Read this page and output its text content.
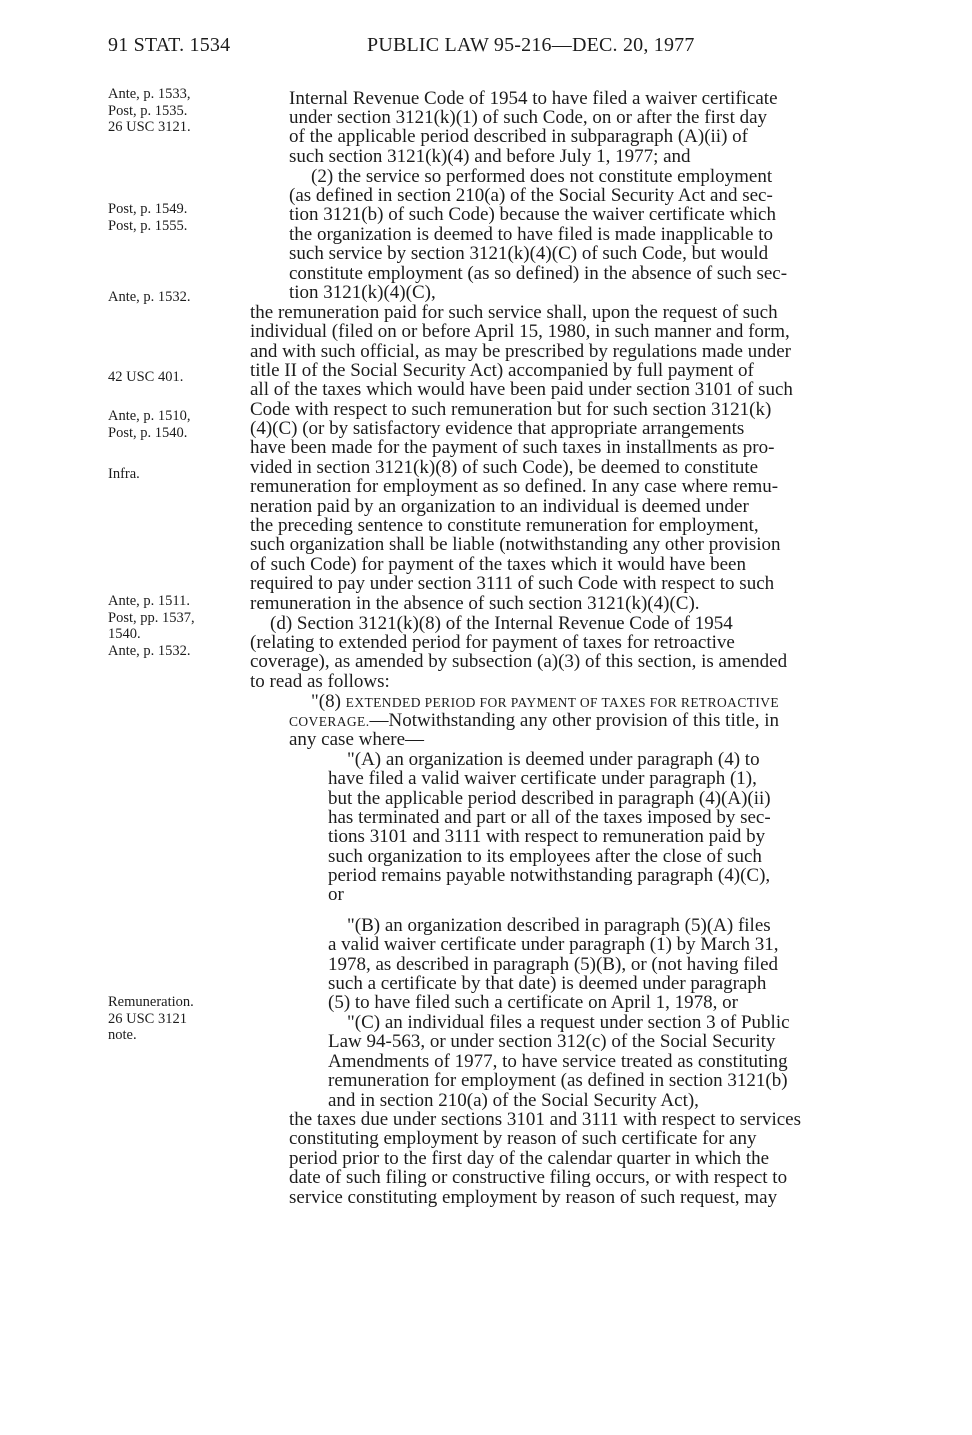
91 STAT. 1534	PUBLIC LAW 95-216—DEC. 20, 1977
Ante, p. 1533,
Post, p. 1535.
26 USC 3121.
Post, p. 1549.
Post, p. 1555.
Ante, p. 1532.
42 USC 401.
Ante, p. 1510,
Post, p. 1540.
Infra.
Ante, p. 1511.
Post, pp. 1537,
1540.
Ante, p. 1532.
Remuneration.
26 USC 3121
note.
Internal Revenue Code of 1954 to have filed a waiver certificate
under section 3121(k)(1) of such Code, on or after the first day
of the applicable period described in subparagraph (A)(ii) of
such section 3121(k)(4) and before July 1, 1977; and
(2) the service so performed does not constitute employment
(as defined in section 210(a) of the Social Security Act and sec-
tion 3121(b) of such Code) because the waiver certificate which
the organization is deemed to have filed is made inapplicable to
such service by section 3121(k)(4)(C) of such Code, but would
constitute employment (as so defined) in the absence of such sec-
tion 3121(k)(4)(C),
the remuneration paid for such service shall, upon the request of such
individual (filed on or before April 15, 1980, in such manner and form,
and with such official, as may be prescribed by regulations made under
title II of the Social Security Act) accompanied by full payment of
all of the taxes which would have been paid under section 3101 of such
Code with respect to such remuneration but for such section 3121(k)
(4)(C) (or by satisfactory evidence that appropriate arrangements
have been made for the payment of such taxes in installments as pro-
vided in section 3121(k)(8) of such Code), be deemed to constitute
remuneration for employment as so defined. In any case where remu-
neration paid by an organization to an individual is deemed under
the preceding sentence to constitute remuneration for employment,
such organization shall be liable (notwithstanding any other provision
of such Code) for payment of the taxes which it would have been
required to pay under section 3111 of such Code with respect to such
remuneration in the absence of such section 3121(k)(4)(C).
(d) Section 3121(k)(8) of the Internal Revenue Code of 1954
(relating to extended period for payment of taxes for retroactive
coverage), as amended by subsection (a)(3) of this section, is amended
to read as follows:
"(8) EXTENDED PERIOD FOR PAYMENT OF TAXES FOR RETROACTIVE
COVERAGE.—Notwithstanding any other provision of this title, in
any case where—
"(A) an organization is deemed under paragraph (4) to
have filed a valid waiver certificate under paragraph (1),
but the applicable period described in paragraph (4)(A)(ii)
has terminated and part or all of the taxes imposed by sec-
tions 3101 and 3111 with respect to remuneration paid by
such organization to its employees after the close of such
period remains payable notwithstanding paragraph (4)(C),
or
"(B) an organization described in paragraph (5)(A) files
a valid waiver certificate under paragraph (1) by March 31,
1978, as described in paragraph (5)(B), or (not having filed
such a certificate by that date) is deemed under paragraph
(5) to have filed such a certificate on April 1, 1978, or
"(C) an individual files a request under section 3 of Public
Law 94-563, or under section 312(c) of the Social Security
Amendments of 1977, to have service treated as constituting
remuneration for employment (as defined in section 3121(b)
and in section 210(a) of the Social Security Act),
the taxes due under sections 3101 and 3111 with respect to services
constituting employment by reason of such certificate for any
period prior to the first day of the calendar quarter in which the
date of such filing or constructive filing occurs, or with respect to
service constituting employment by reason of such request, may
